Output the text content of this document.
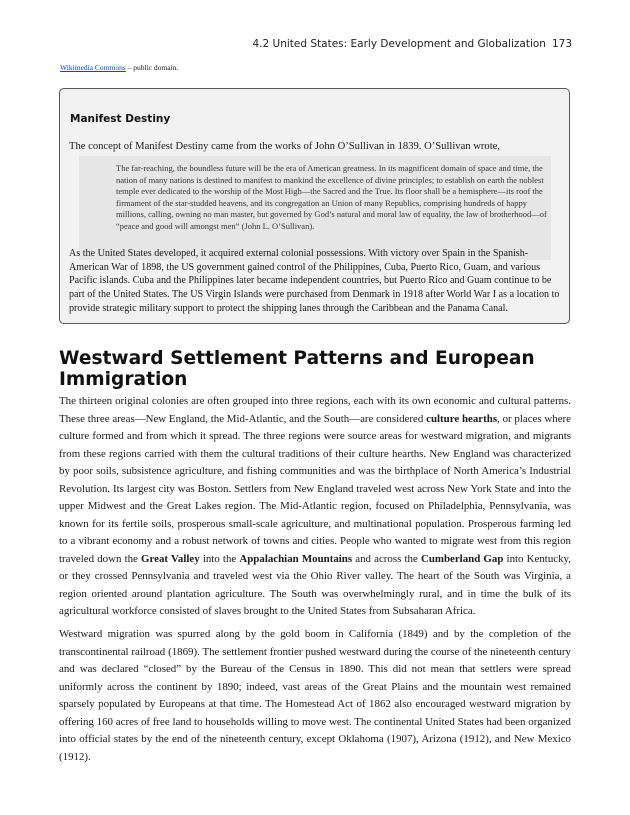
4.2 United States: Early Development and Globalization 173
Wikimedia Commons – public domain.
Manifest Destiny
The concept of Manifest Destiny came from the works of John O’Sullivan in 1839. O’Sullivan wrote,
The far-reaching, the boundless future will be the era of American greatness. In its magnificent domain of space and time, the nation of many nations is destined to manifest to mankind the excellence of divine principles; to establish on earth the noblest temple ever dedicated to the worship of the Most High—the Sacred and the True. Its floor shall be a hemisphere—its roof the firmament of the star-studded heavens, and its congregation an Union of many Republics, comprising hundreds of happy millions, calling, owning no man master, but governed by God’s natural and moral law of equality, the law of brotherhood—of “peace and good will amongst men” (John L. O’Sullivan).
As the United States developed, it acquired external colonial possessions. With victory over Spain in the Spanish-American War of 1898, the US government gained control of the Philippines, Cuba, Puerto Rico, Guam, and various Pacific islands. Cuba and the Philippines later became independent countries, but Puerto Rico and Guam continue to be part of the United States. The US Virgin Islands were purchased from Denmark in 1918 after World War I as a location to provide strategic military support to protect the shipping lanes through the Caribbean and the Panama Canal.
Westward Settlement Patterns and European Immigration

The thirteen original colonies are often grouped into three regions, each with its own economic and cultural patterns. These three areas—New England, the Mid-Atlantic, and the South—are considered culture hearths, or places where culture formed and from which it spread. The three regions were source areas for westward migration, and migrants from these regions carried with them the cultural traditions of their culture hearths. New England was characterized by poor soils, subsistence agriculture, and fishing communities and was the birthplace of North America’s Industrial Revolution. Its largest city was Boston. Settlers from New England traveled west across New York State and into the upper Midwest and the Great Lakes region. The Mid-Atlantic region, focused on Philadelphia, Pennsylvania, was known for its fertile soils, prosperous small-scale agriculture, and multinational population. Prosperous farming led to a vibrant economy and a robust network of towns and cities. People who wanted to migrate west from this region traveled down the Great Valley into the Appalachian Mountains and across the Cumberland Gap into Kentucky, or they crossed Pennsylvania and traveled west via the Ohio River valley. The heart of the South was Virginia, a region oriented around plantation agriculture. The South was overwhelmingly rural, and in time the bulk of its agricultural workforce consisted of slaves brought to the United States from Subsaharan Africa.

Westward migration was spurred along by the gold boom in California (1849) and by the completion of the transcontinental railroad (1869). The settlement frontier pushed westward during the course of the nineteenth century and was declared “closed” by the Bureau of the Census in 1890. This did not mean that settlers were spread uniformly across the continent by 1890; indeed, vast areas of the Great Plains and the mountain west remained sparsely populated by Europeans at that time. The Homestead Act of 1862 also encouraged westward migration by offering 160 acres of free land to households willing to move west. The continental United States had been organized into official states by the end of the nineteenth century, except Oklahoma (1907), Arizona (1912), and New Mexico (1912).
